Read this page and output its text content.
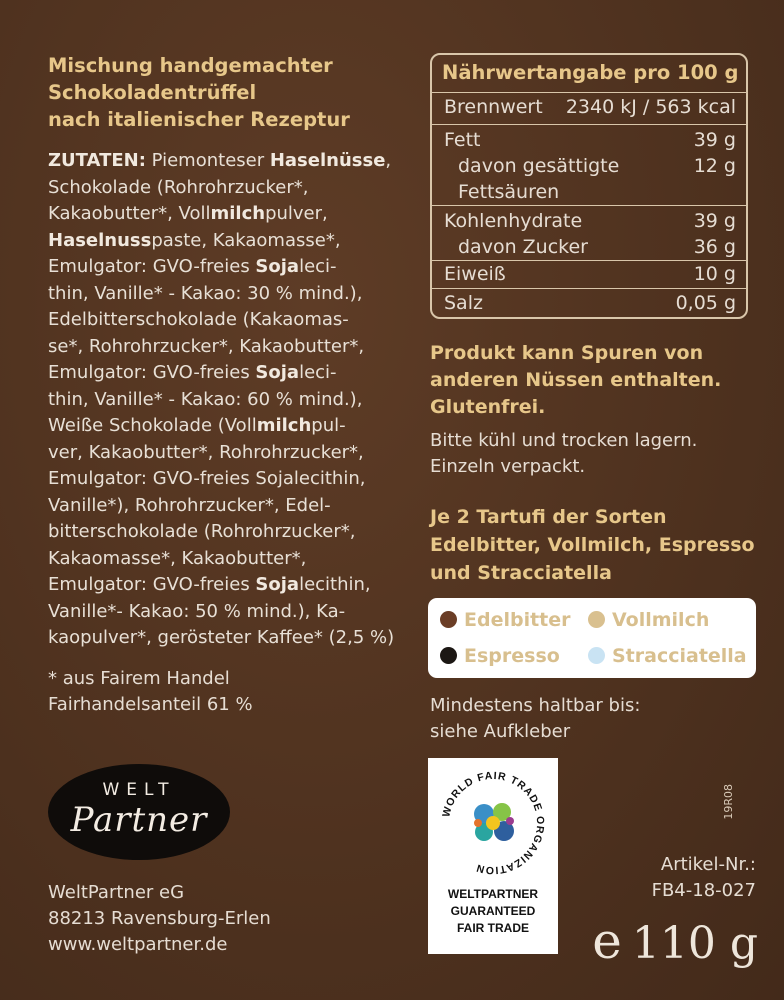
Mischung handgemachter
Schokoladentrüffel
nach italienischer Rezeptur
ZUTATEN: Piemonteser Haselnüsse,
Schokolade (Rohrohrzucker*,
Kakaobutter*, Vollmilchpulver,
Haselnusspaste, Kakaomasse*,
Emulgator: GVO-freies Sojaleci-
thin, Vanille* - Kakao: 30 % mind.),
Edelbitterschokolade (Kakaomas-
se*, Rohrohrzucker*, Kakaobutter*,
Emulgator: GVO-freies Sojaleci-
thin, Vanille* - Kakao: 60 % mind.),
Weiße Schokolade (Vollmilchpul-
ver, Kakaobutter*, Rohrohrzucker*,
Emulgator: GVO-freies Sojalecithin,
Vanille*), Rohrohrzucker*, Edel-
bitterschokolade (Rohrohrzucker*,
Kakaomasse*, Kakaobutter*,
Emulgator: GVO-freies Sojalecithin,
Vanille*- Kakao: 50 % mind.), Ka-
kaopulver*, gerösteter Kaffee* (2,5 %)
* aus Fairem Handel
Fairhandelsanteil 61 %
WELT
Partner
WeltPartner eG
88213 Ravensburg-Erlen
www.weltpartner.de
Nährwertangabe pro 100 g
Brennwert 2340 kJ / 563 kcal
Fett	39 g
davon gesättigte	12 g
Fettsäuren
Kohlenhydrate	39 g
davon Zucker	36 g
Eiweiß	10 g
Salz	0,05 g
Produkt kann Spuren von
anderen Nüssen enthalten.
Glutenfrei.
Bitte kühl und trocken lagern.
Einzeln verpackt.
Je 2 Tartufi der Sorten
Edelbitter, Vollmilch, Espresso
und Stracciatella
Edelbitter	Vollmilch
Espresso	Stracciatella
Mindestens haltbar bis:
siehe Aufkleber
WORLD FAIR TRADE ORGANIZATION
WELTPARTNER
GUARANTEED
FAIR TRADE
19R08
Artikel-Nr.:
FB4-18-027
e 110 g
